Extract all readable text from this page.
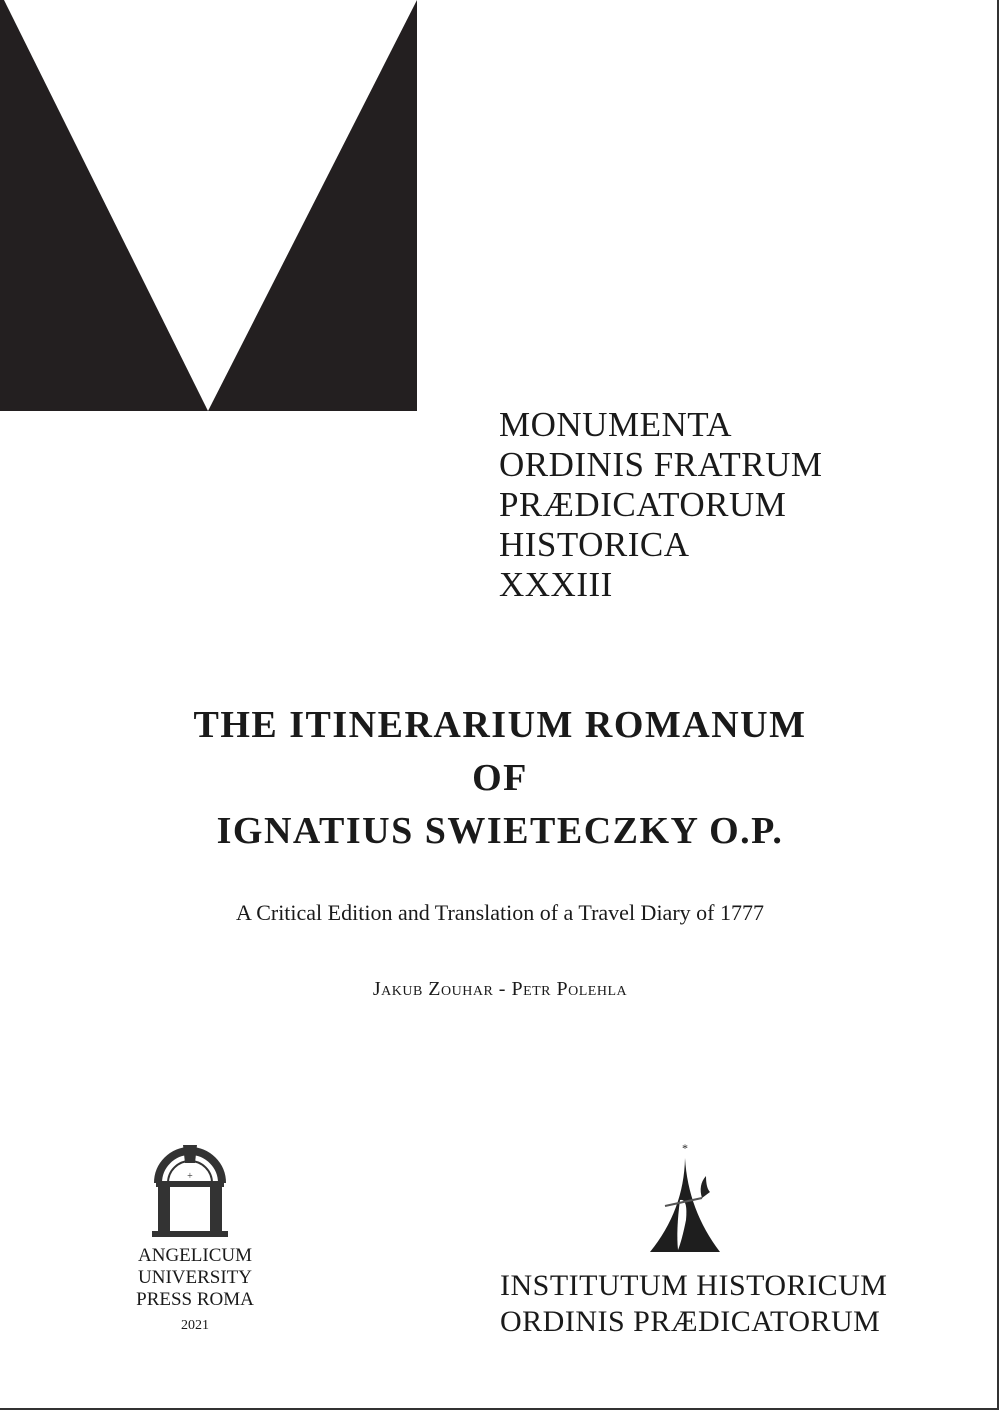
MONUMENTA
ORDINIS FRATRUM
PRÆDICATORUM
HISTORICA
XXXIII
THE ITINERARIUM ROMANUM
OF
IGNATIUS SWIETECZKY O.P.
A Critical Edition and Translation of a Travel Diary of 1777
Jakub Zouhar - Petr Polehla
+
ANGELICUM
UNIVERSITY
PRESS ROMA
2021
*
INSTITUTUM HISTORICUM
ORDINIS PRÆDICATORUM
